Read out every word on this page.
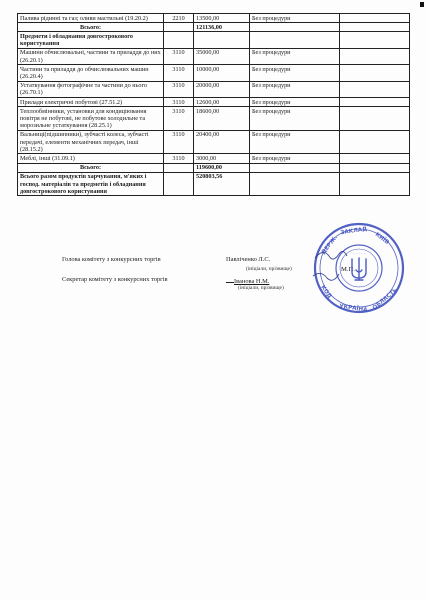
Палива рідинні та газ; оливи мастильні (19.20.2)	2210	13500,00	Без процедури	
Всього:		121136,00		
Предмети і обладнання довгострокового користування				
Машини обчислювальні, частини та приладдя до них (26.20.1)	3110	35000,00	Без процедури	
Частини та приладдя до обчислювальних машин (26.20.4)	3110	10000,00	Без процедури	
Устаткування фотографічне та частини до нього (26.70.1)	3110	20000,00	Без процедури	
Прилади електричні побутові (27.51.2)	3110	12600,00	Без процедури	
Теплообмінники, установки для кондиціювання повітря не побутові, не побутове холодильне та морозильне устаткування (28.25.1)	3110	18600,00	Без процедури	
Вальниці(підшипники), зубчасті колеса, зубчасті передачі, елементи механічних передач, інші (28.15.2)	3110	20400,00	Без процедури	
Меблі, інші (31.09.1)	3110	3000,00	Без процедури	
Всього:		119600,00		
Всього разом продуктів харчування, м'яких і господ. матеріалів та предметів і обладнання довгострокового користування		520803,56		
Голова комітету з конкурсних торгів	Павліченко Л.С.
(ініціали, прізвище)
Секретар комітету з конкурсних торгів	Іванова Н.М.
(ініціали, прізвище)
М.П.
ЗАКЛАД
КИЇВ
ДЕРЖ.
УКРАЇНА ОБЛАСТЬ
КОД
· · · · ·
· · · · ·
